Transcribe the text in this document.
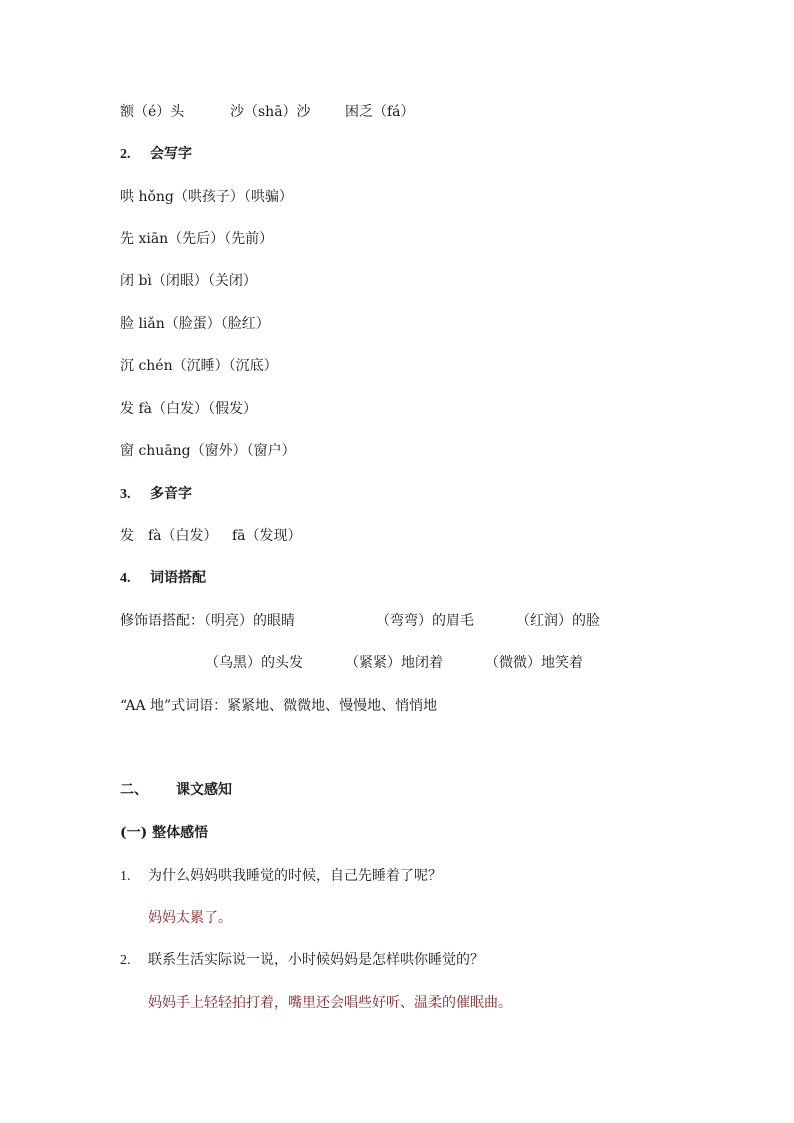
额（é）头	沙（shā）沙 困乏（fá）
2. 会写字
哄 hǒng（哄孩子）（哄骗）
先 xiān（先后）（先前）
闭 bì（闭眼）（关闭）
脸 liǎn（脸蛋）（脸红）
沉 chén（沉睡）（沉底）
发 fà（白发）（假发）
窗 chuāng（窗外）（窗户）
3. 多音字
发 fà（白发） fā（发现）
4. 词语搭配
修饰语搭配：（明亮）的眼睛	（弯弯）的眉毛	（红润）的脸
（乌黑）的头发	（紧紧）地闭着	（微微）地笑着
“AA 地”式词语：紧紧地、微微地、慢慢地、悄悄地
二、 课文感知
(一) 整体感悟
1. 为什么妈妈哄我睡觉的时候，自己先睡着了呢？
妈妈太累了。
2. 联系生活实际说一说，小时候妈妈是怎样哄你睡觉的？
妈妈手上轻轻拍打着，嘴里还会唱些好听、温柔的催眠曲。
